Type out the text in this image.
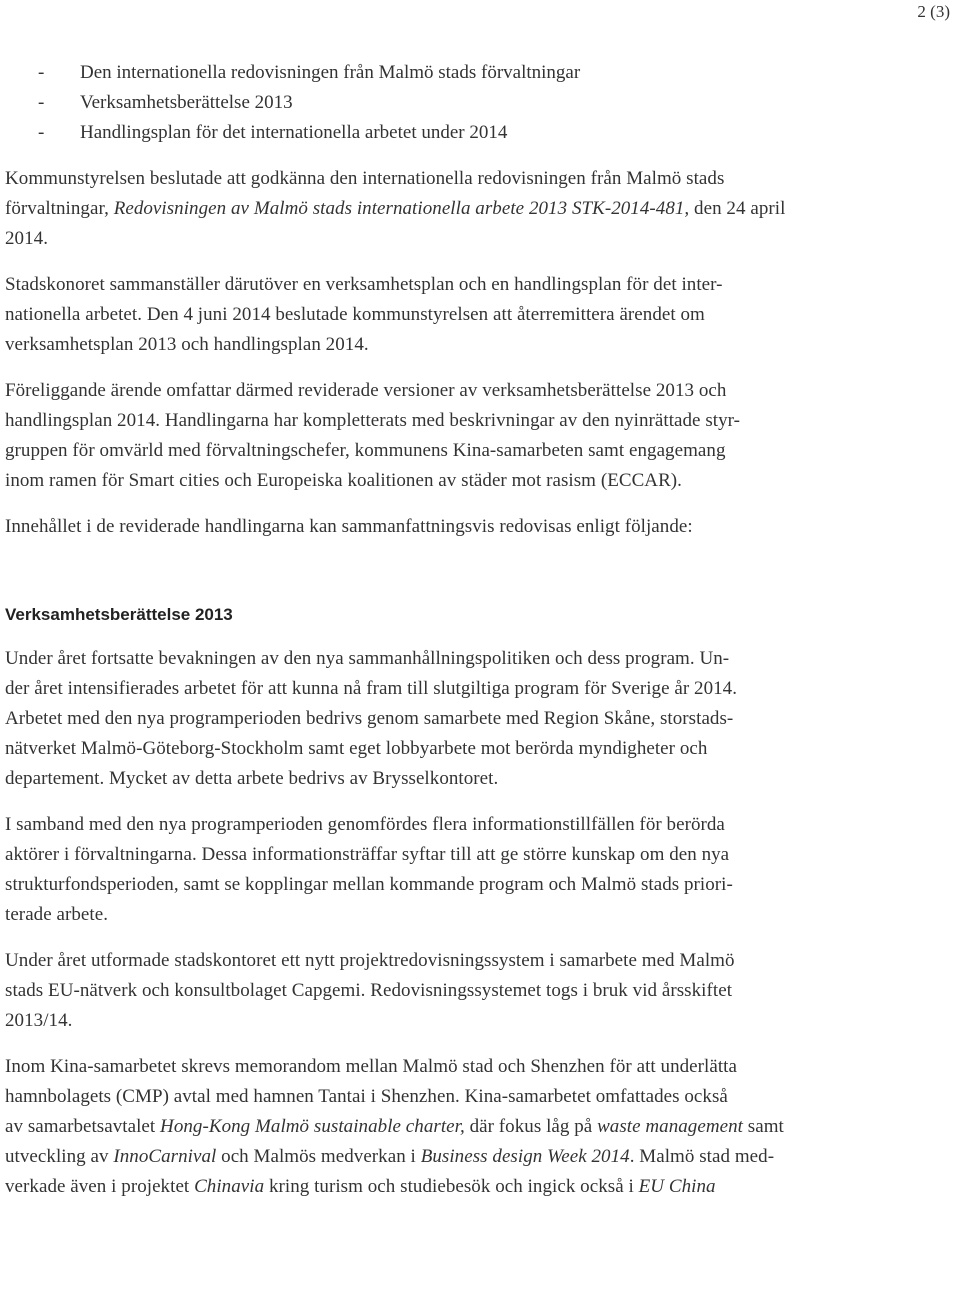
2 (3)
-	Den internationella redovisningen från Malmö stads förvaltningar
-	Verksamhetsberättelse 2013
-	Handlingsplan för det internationella arbetet under 2014

Kommunstyrelsen beslutade att godkänna den internationella redovisningen från Malmö stads
förvaltningar, Redovisningen av Malmö stads internationella arbete 2013 STK-2014-481, den 24 april
2014.

Stadskonoret sammanställer därutöver en verksamhetsplan och en handlingsplan för det inter-
nationella arbetet. Den 4 juni 2014 beslutade kommunstyrelsen att återremittera ärendet om
verksamhetsplan 2013 och handlingsplan 2014.

Föreliggande ärende omfattar därmed reviderade versioner av verksamhetsberättelse 2013 och
handlingsplan 2014. Handlingarna har kompletterats med beskrivningar av den nyinrättade styr-
gruppen för omvärld med förvaltningschefer, kommunens Kina-samarbeten samt engagemang
inom ramen för Smart cities och Europeiska koalitionen av städer mot rasism (ECCAR).

Innehållet i de reviderade handlingarna kan sammanfattningsvis redovisas enligt följande:

Verksamhetsberättelse 2013

Under året fortsatte bevakningen av den nya sammanhållningspolitiken och dess program. Un-
der året intensifierades arbetet för att kunna nå fram till slutgiltiga program för Sverige år 2014.
Arbetet med den nya programperioden bedrivs genom samarbete med Region Skåne, storstads-
nätverket Malmö-Göteborg-Stockholm samt eget lobbyarbete mot berörda myndigheter och
departement. Mycket av detta arbete bedrivs av Brysselkontoret.

I samband med den nya programperioden genomfördes flera informationstillfällen för berörda
aktörer i förvaltningarna. Dessa informationsträffar syftar till att ge större kunskap om den nya
strukturfondsperioden, samt se kopplingar mellan kommande program och Malmö stads priori-
terade arbete.

Under året utformade stadskontoret ett nytt projektredovisningssystem i samarbete med Malmö
stads EU-nätverk och konsultbolaget Capgemi. Redovisningssystemet togs i bruk vid årsskiftet
2013/14.

Inom Kina-samarbetet skrevs memorandom mellan Malmö stad och Shenzhen för att underlätta
hamnbolagets (CMP) avtal med hamnen Tantai i Shenzhen. Kina-samarbetet omfattades också
av samarbetsavtalet Hong-Kong Malmö sustainable charter, där fokus låg på waste management samt
utveckling av InnoCarnival och Malmös medverkan i Business design Week 2014. Malmö stad med-
verkade även i projektet Chinavia kring turism och studiebesök och ingick också i EU China
